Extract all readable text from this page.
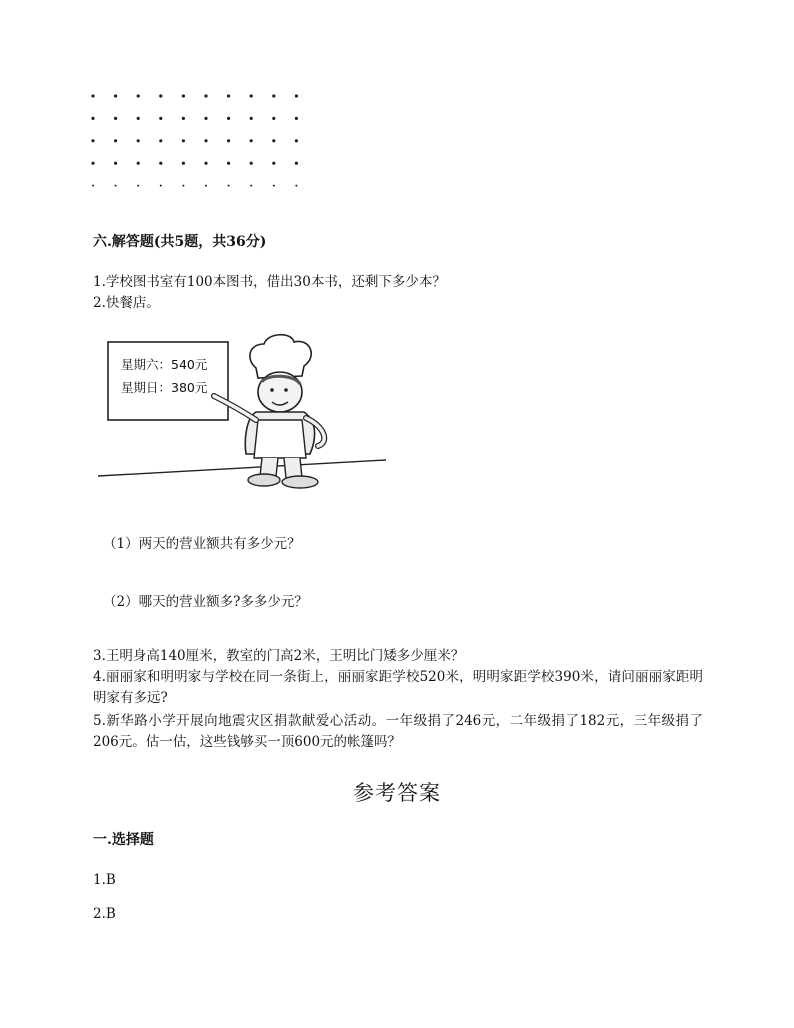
六.解答题(共5题，共36分)
1.学校图书室有100本图书，借出30本书，还剩下多少本？
2.快餐店。
星期六：540元
星期日：380元
（1）两天的营业额共有多少元？
（2）哪天的营业额多?多多少元？
3.王明身高140厘米，教室的门高2米，王明比门矮多少厘米？
4.丽丽家和明明家与学校在同一条街上，丽丽家距学校520米，明明家距学校390米，请问丽丽家距明明家有多远?
5.新华路小学开展向地震灾区捐款献爱心活动。一年级捐了246元，二年级捐了182元，三年级捐了206元。估一估，这些钱够买一顶600元的帐篷吗？
参考答案
一.选择题
1.B
2.B
